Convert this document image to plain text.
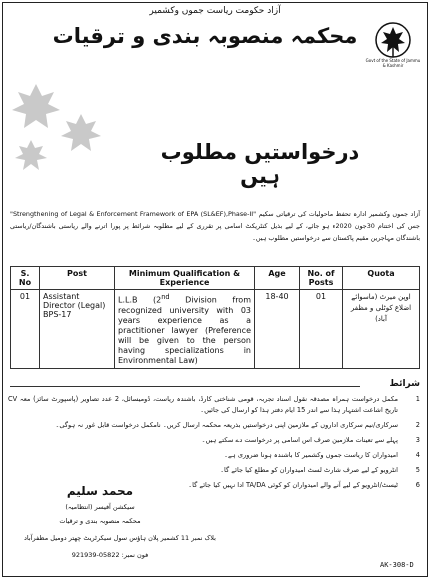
آزاد حکومت ریاست جموں وکشمیر
محکمہ منصوبہ بندی و ترقیات
Govt of the State of Jammu & Kashmir
درخواستیں مطلوب ہیں
آزاد جموں وکشمیر ادارہ تحفظ ماحولیات کی ترقیاتی سکیم "Strengthening of Legal & Enforcement Framework of EPA (SL&EF),Phase-II" جس کی اختتام 30جون 2020ء ہو جائے، کے لیے بذیل کنٹریکٹ اسامی پر تقرری کے لیے مطلوبہ شرائط پر پورا اترنے والے ریاستی باشندگان/ریاستی باشندگان مہاجرین مقیم پاکستان سے درخواستیں مطلوب ہیں۔
S. No	Post	Minimum Qualification & Experience	Age	No. of Posts	Quota
01	Assistant Director (Legal) BPS-17	L.L.B (2nd Division from recognized university with 03 years experience as a practitioner lawyer (Preference will be given to the person having specializations in Environmental Law)	18-40	01	اوپن میرٹ (ماسوائے اضلاع کوٹلی و مظفر آباد)
شرائط
1
مکمل درخواست ہمراہ مصدقہ نقول اسناد تجربہ، قومی شناختی کارڈ، باشندہ ریاست، ڈومیسائل، 2 عدد تصاویر (پاسپورٹ سائز) معہ CV تاریخ اشاعت اشتہار ہذا سے اندر 15 ایام دفتر ہذا کو ارسال کی جائیں۔
2
سرکاری/نیم سرکاری اداروں کے ملازمین اپنی درخواستیں بذریعہ محکمہ ارسال کریں۔ نامکمل درخواست قابل غور نہ ہوگی۔
3
پہلے سے تعینات ملازمین صرف اس اسامی پر درخواست دے سکتے ہیں۔
4
امیدواران کا ریاست جموں وکشمیر کا باشندہ ہونا ضروری ہے۔
5
انٹرویو کے لیے صرف شارٹ لسٹ امیدواران کو مطلع کیا جائے گا۔
6
ٹیسٹ/انٹرویو کے لیے آنے والے امیدواران کو کوئی TA/DA ادا نہیں کیا جائے گا۔
محمد سلیم
سیکشن آفیسر (انتظامیہ)
محکمہ منصوبہ بندی و ترقیات
بلاک نمبر 11 کشمیر پلان ہاؤس سول سیکرٹریٹ چھتر دومیل مظفرآباد
فون نمبر: 05822-921939
AK-308-D
